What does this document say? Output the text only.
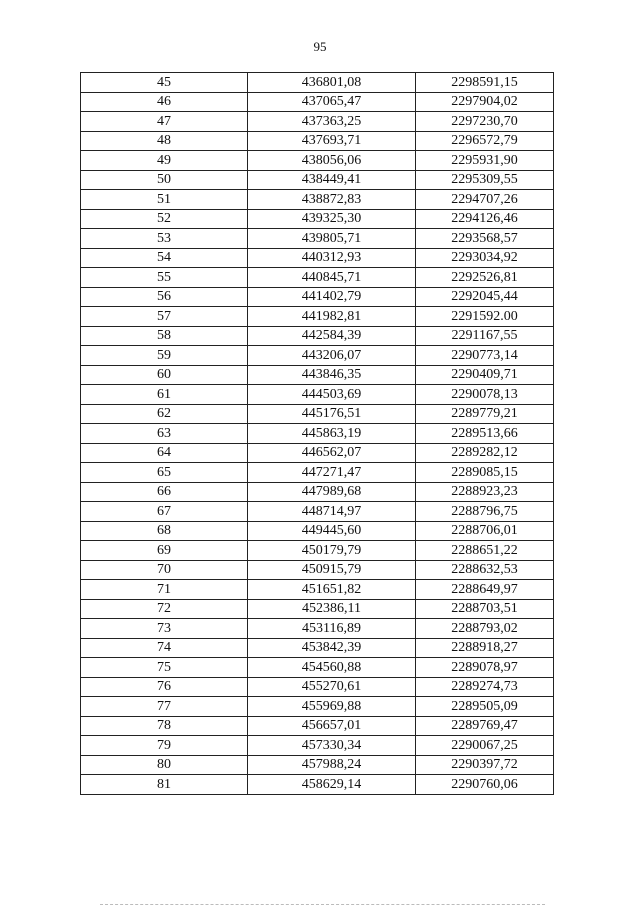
95
45	436801,08	2298591,15
46	437065,47	2297904,02
47	437363,25	2297230,70
48	437693,71	2296572,79
49	438056,06	2295931,90
50	438449,41	2295309,55
51	438872,83	2294707,26
52	439325,30	2294126,46
53	439805,71	2293568,57
54	440312,93	2293034,92
55	440845,71	2292526,81
56	441402,79	2292045,44
57	441982,81	2291592.00
58	442584,39	2291167,55
59	443206,07	2290773,14
60	443846,35	2290409,71
61	444503,69	2290078,13
62	445176,51	2289779,21
63	445863,19	2289513,66
64	446562,07	2289282,12
65	447271,47	2289085,15
66	447989,68	2288923,23
67	448714,97	2288796,75
68	449445,60	2288706,01
69	450179,79	2288651,22
70	450915,79	2288632,53
71	451651,82	2288649,97
72	452386,11	2288703,51
73	453116,89	2288793,02
74	453842,39	2288918,27
75	454560,88	2289078,97
76	455270,61	2289274,73
77	455969,88	2289505,09
78	456657,01	2289769,47
79	457330,34	2290067,25
80	457988,24	2290397,72
81	458629,14	2290760,06
